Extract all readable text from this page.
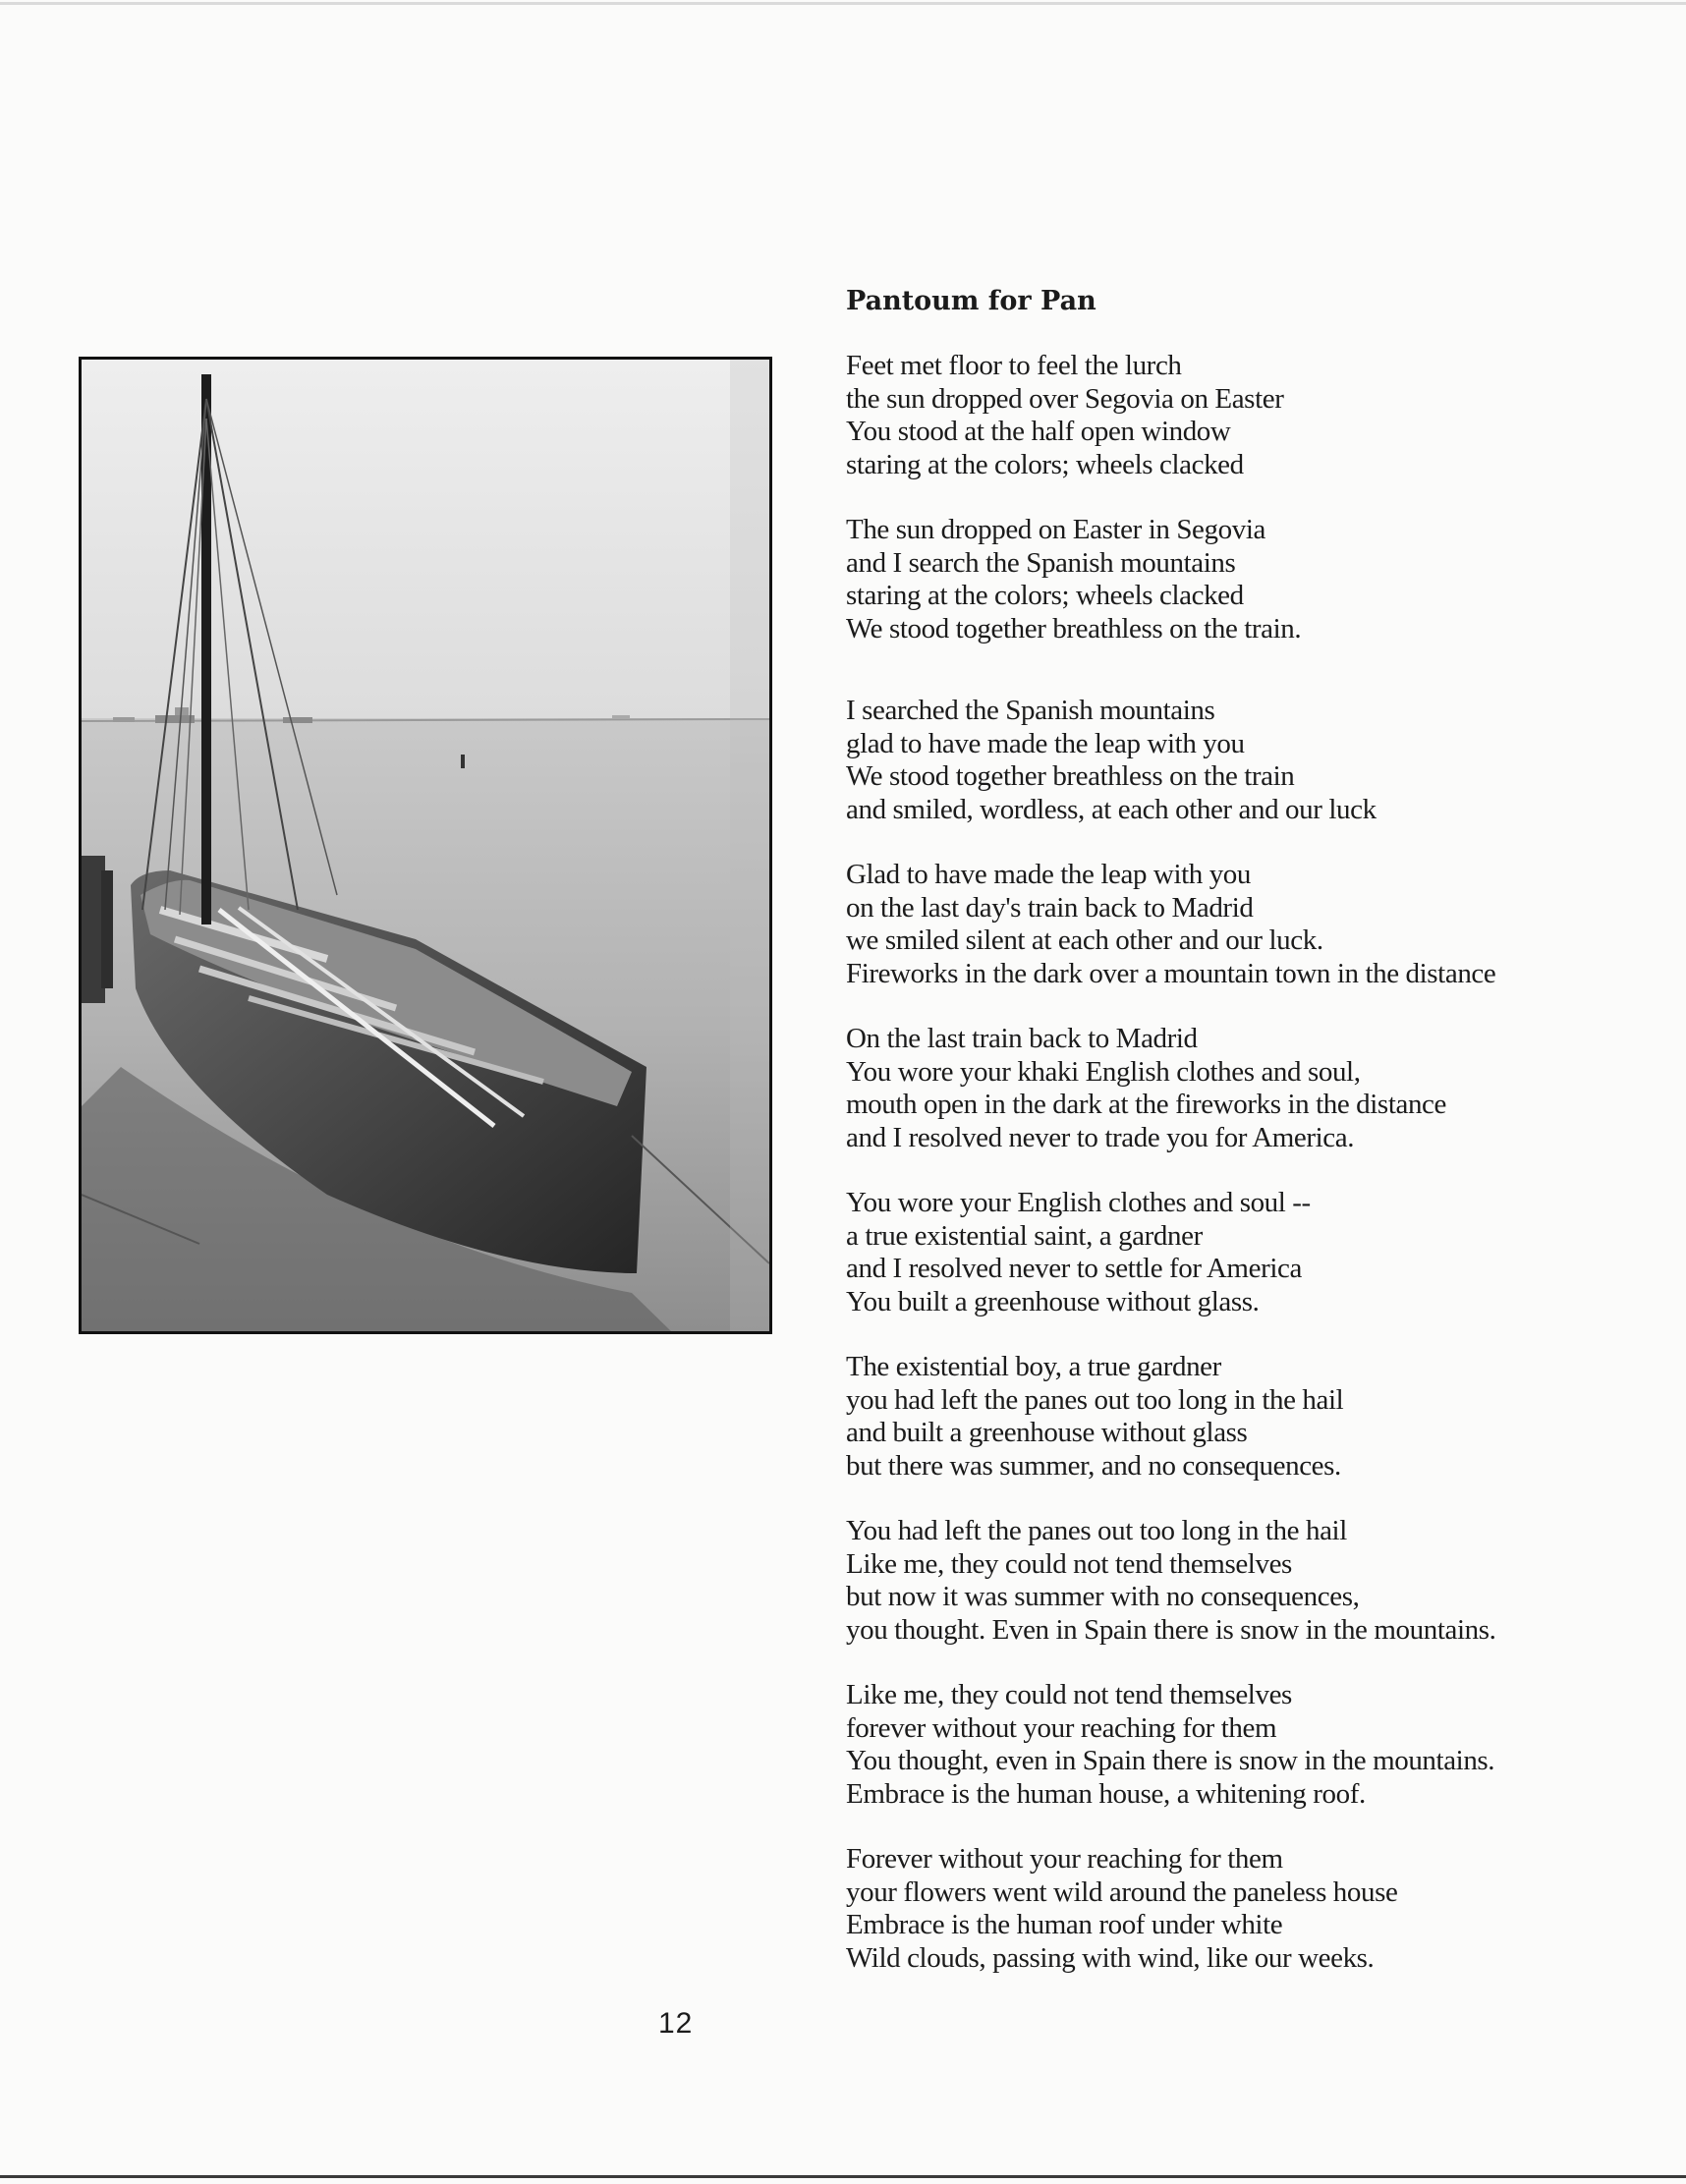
Pantoum for Pan
Feet met floor to feel the lurch
the sun dropped over Segovia on Easter
You stood at the half open window
staring at the colors; wheels clacked
The sun dropped on Easter in Segovia
and I search the Spanish mountains
staring at the colors; wheels clacked
We stood together breathless on the train.
I searched the Spanish mountains
glad to have made the leap with you
We stood together breathless on the train
and smiled, wordless, at each other and our luck
Glad to have made the leap with you
on the last day's train back to Madrid
we smiled silent at each other and our luck.
Fireworks in the dark over a mountain town in the distance
On the last train back to Madrid
You wore your khaki English clothes and soul,
mouth open in the dark at the fireworks in the distance
and I resolved never to trade you for America.
You wore your English clothes and soul --
a true existential saint, a gardner
and I resolved never to settle for America
You built a greenhouse without glass.
The existential boy, a true gardner
you had left the panes out too long in the hail
and built a greenhouse without glass
but there was summer, and no consequences.
You had left the panes out too long in the hail
Like me, they could not tend themselves
but now it was summer with no consequences,
you thought. Even in Spain there is snow in the mountains.
Like me, they could not tend themselves
forever without your reaching for them
You thought, even in Spain there is snow in the mountains.
Embrace is the human house, a whitening roof.
Forever without your reaching for them
your flowers went wild around the paneless house
Embrace is the human roof under white
Wild clouds, passing with wind, like our weeks.
12
